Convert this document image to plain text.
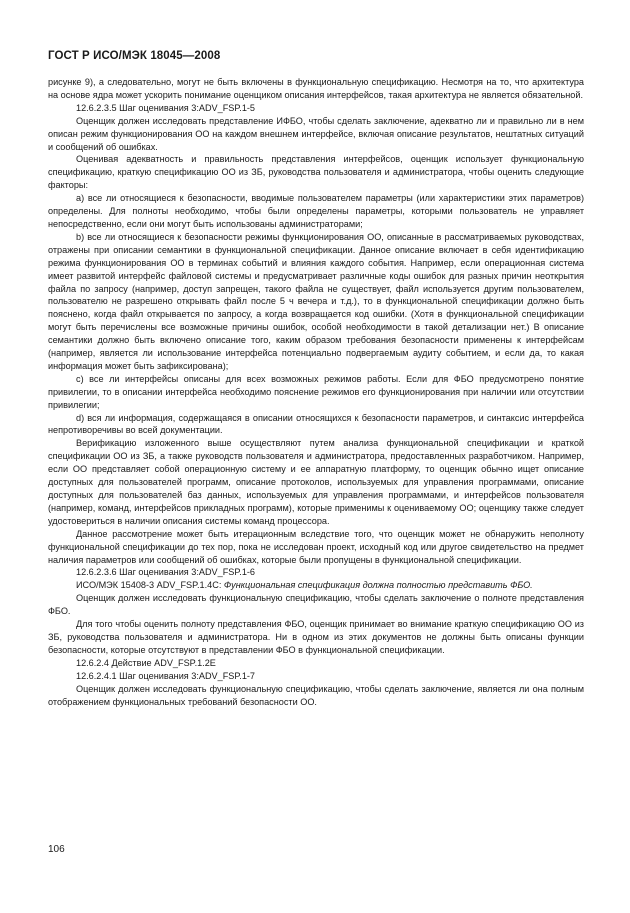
ГОСТ Р ИСО/МЭК 18045—2008

рисунке 9), а следовательно, могут не быть включены в функциональную спецификацию. Несмотря на то, что архитектура на основе ядра может ускорить понимание оценщиком описания интерфейсов, такая архитектура не является обязательной.

12.6.2.3.5 Шаг оценивания 3:ADV_FSP.1-5

Оценщик должен исследовать представление ИФБО, чтобы сделать заключение, адекватно ли и правильно ли в нем описан режим функционирования ОО на каждом внешнем интерфейсе, включая описание результатов, нештатных ситуаций и сообщений об ошибках.

Оценивая адекватность и правильность представления интерфейсов, оценщик использует функциональную спецификацию, краткую спецификацию ОО из ЗБ, руководства пользователя и администратора, чтобы оценить следующие факторы:

a) все ли относящиеся к безопасности, вводимые пользователем параметры (или характеристики этих параметров) определены. Для полноты необходимо, чтобы были определены параметры, которыми пользователь не управляет непосредственно, если они могут быть использованы администраторами;

b) все ли относящиеся к безопасности режимы функционирования ОО, описанные в рассматриваемых руководствах, отражены при описании семантики в функциональной спецификации. Данное описание включает в себя идентификацию режима функционирования ОО в терминах событий и влияния каждого события. Например, если операционная система имеет развитой интерфейс файловой системы и предусматривает различные коды ошибок для разных причин неоткрытия файла по запросу (например, доступ запрещен, такого файла не существует, файл используется другим пользователем, пользователю не разрешено открывать файл после 5 ч вечера и т.д.), то в функциональной спецификации должно быть пояснено, когда файл открывается по запросу, а когда возвращается код ошибки. (Хотя в функциональной спецификации могут быть перечислены все возможные причины ошибок, особой необходимости в такой детализации нет.) В описание семантики должно быть включено описание того, каким образом требования безопасности применены к интерфейсам (например, является ли использование интерфейса потенциально подвергаемым аудиту событием, и если да, то какая информация может быть зафиксирована);

c) все ли интерфейсы описаны для всех возможных режимов работы. Если для ФБО предусмотрено понятие привилегии, то в описании интерфейса необходимо пояснение режимов его функционирования при наличии или отсутствии привилегии;

d) вся ли информация, содержащаяся в описании относящихся к безопасности параметров, и синтаксис интерфейса непротиворечивы во всей документации.

Верификацию изложенного выше осуществляют путем анализа функциональной спецификации и краткой спецификации ОО из ЗБ, а также руководств пользователя и администратора, предоставленных разработчиком. Например, если ОО представляет собой операционную систему и ее аппаратную платформу, то оценщик обычно ищет описание доступных для пользователей программ, описание протоколов, используемых для управления программами, описание доступных для пользователей баз данных, используемых для управления программами, и интерфейсов пользователя (например, команд, интерфейсов прикладных программ), которые применимы к оцениваемому ОО; оценщику также следует удостовериться в наличии описания системы команд процессора.

Данное рассмотрение может быть итерационным вследствие того, что оценщик может не обнаружить неполноту функциональной спецификации до тех пор, пока не исследован проект, исходный код или другое свидетельство на предмет наличия параметров или сообщений об ошибках, которые были пропущены в функциональной спецификации.

12.6.2.3.6 Шаг оценивания 3:ADV_FSP.1-6

ИСО/МЭК 15408-3 ADV_FSP.1.4C: Функциональная спецификация должна полностью представить ФБО.

Оценщик должен исследовать функциональную спецификацию, чтобы сделать заключение о полноте представления ФБО.

Для того чтобы оценить полноту представления ФБО, оценщик принимает во внимание краткую спецификацию ОО из ЗБ, руководства пользователя и администратора. Ни в одном из этих документов не должны быть описаны функции безопасности, которые отсутствуют в представлении ФБО в функциональной спецификации.

12.6.2.4 Действие ADV_FSP.1.2E

12.6.2.4.1 Шаг оценивания 3:ADV_FSP.1-7

Оценщик должен исследовать функциональную спецификацию, чтобы сделать заключение, является ли она полным отображением функциональных требований безопасности ОО.

106
